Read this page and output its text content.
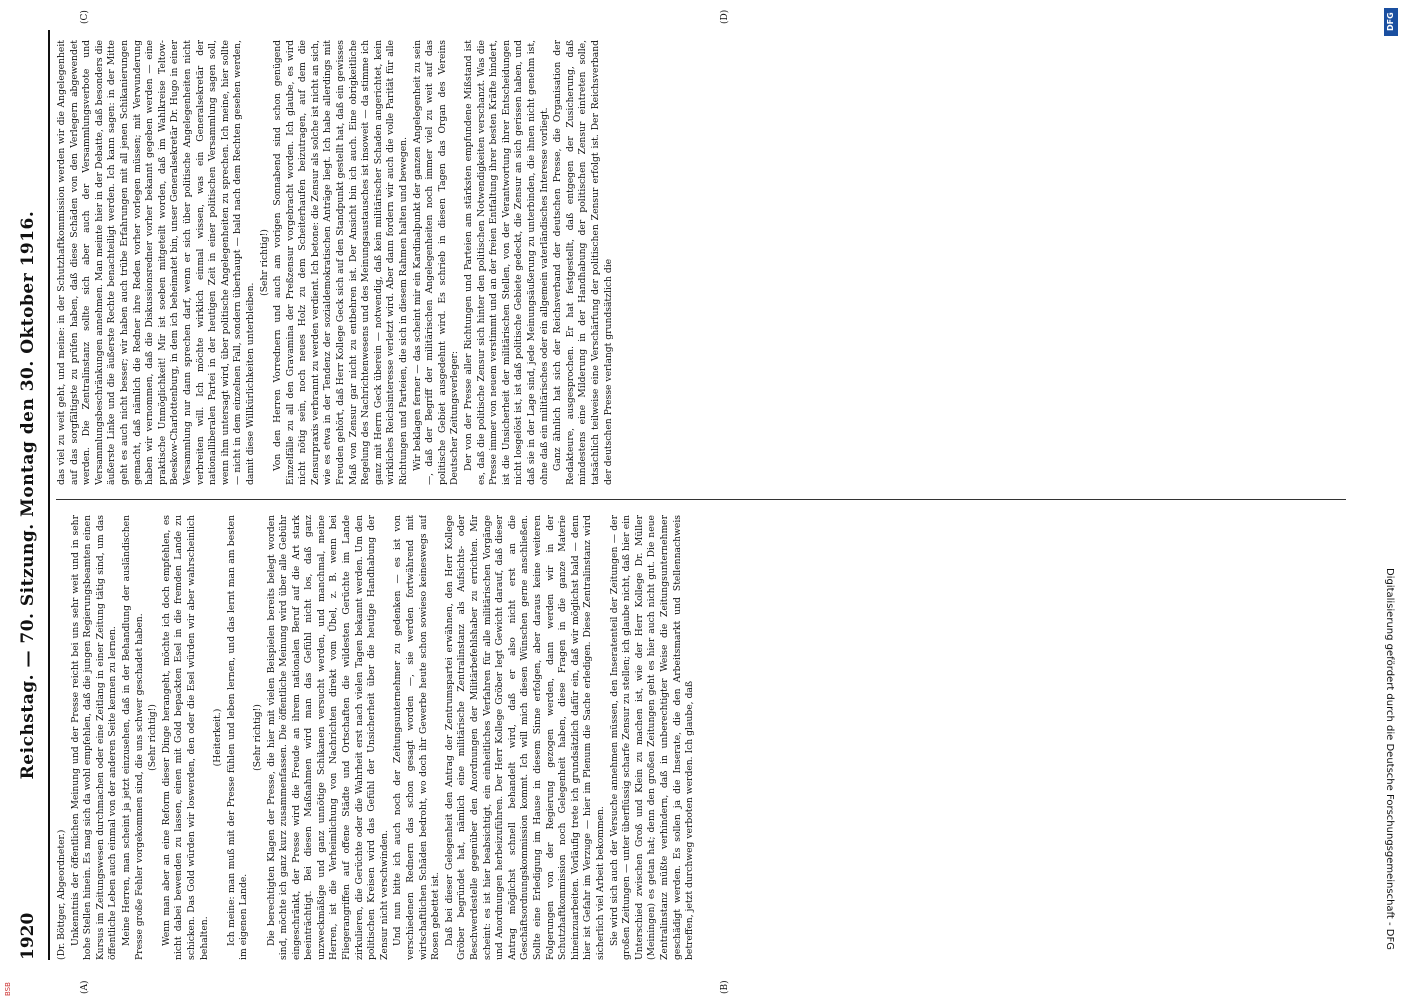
1920
Reichstag. — 70. Sitzung. Montag den 30. Oktober 1916.
(A)	(B)
(C)	(D)

(Dr. Böttger, Abgeordneter.) Unkenntnis der öffentlichen Meinung und der Presse reicht bei uns sehr weit und in sehr hohe Stellen hinein. Es mag sich da wohl empfehlen, daß die jungen Regierungsbeamten einen Kursus im Zeitungswesen durchmachen oder eine Zeitlang in einer Zeitung tätig sind, um das öffentliche Leben auch einmal von der anderen Seite kennen zu lernen. Meine Herren, man scheint ja jetzt einzusehen, daß in der Behandlung der ausländischen Presse große Fehler vorgekommen sind, die uns schwer geschadet haben. (Sehr richtig!) Wenn man aber an eine Reform dieser Dinge herangeht, möchte ich doch empfehlen, es nicht dabei bewenden zu lassen, einen mit Gold bepackten Esel in die fremden Lande zu schicken. Das Gold würden wir loswerden, den oder die Esel würden wir aber wahrscheinlich behalten.

(Heiterkeit.) Ich meine: man muß mit der Presse fühlen und leben lernen, und das lernt man am besten im eigenen Lande.

(Sehr richtig!) Die berechtigten Klagen der Presse, die hier mit vielen Beispielen bereits belegt worden sind, möchte ich ganz kurz zusammenfassen. Die öffentliche Meinung wird über alle Gebühr eingeschränkt, der Presse wird die Freude an ihrem nationalen Beruf auf die Art stark beeinträchtigt. Bei diesen Maßnahmen wird man das Gefühl nicht los, daß ganz unzweckmäßige und ganz unnötige Schikanen versucht werden, und manchmal, meine Herren, ist die Verheimlichung von Nachrichten direkt vom Übel, z. B. wenn bei Fliegerangriffen auf offene Städte und Ortschaften die wildesten Gerüchte im Lande zirkulieren, die Gerüchte oder die Wahrheit erst nach vielen Tagen bekannt werden. Um den politischen Kreisen wird das Gefühl der Unsicherheit über die heutige Handhabung der Zensur nicht verschwinden. Und nun bitte ich auch noch der Zeitungsunternehmer zu gedenken — es ist von verschiedenen Rednern das schon gesagt worden —, sie werden fortwährend mit wirtschaftlichen Schäden bedroht, wo doch ihr Gewerbe heute schon sowieso keineswegs auf Rosen gebettet ist. Daß bei dieser Gelegenheit den Antrag der Zentrumspartei erwähnen, den Herr Kollege Gröber begründet hat, nämlich eine militärische Zentralinstanz als Aufsichts- oder Beschwerdestelle gegenüber den Anordnungen der Militärbefehlshaber zu errichten. Mir scheint: es ist hier beabsichtigt, ein einheitliches Verfahren für alle militärischen Vorgänge und Anordnungen herbeizuführen. Der Herr Kollege Gröber legt Gewicht darauf, daß dieser Antrag möglichst schnell behandelt wird, daß er also nicht erst an die Geschäftsordnungskommission kommt. Ich will mich diesen Wünschen gerne anschließen. Sollte eine Erledigung im Hause in diesem Sinne erfolgen, aber daraus keine weiteren Folgerungen von der Regierung gezogen werden, dann werden wir in der Schutzhaftkommission noch Gelegenheit haben, diese Fragen in die ganze Materie hineinzuarbeiten. Vorläufig trete ich grundsätzlich dafür ein, daß wir möglichst bald — denn hier ist Gefahr im Verzuge — hier im Plenum die Sache erledigen. Diese Zentralinstanz wird sicherlich viel Arbeit bekommen. Sie wird sich auch der Versuche annehmen müssen, den Inseratenteil der Zeitungen — der großen Zeitungen — unter überflüssig scharfe Zensur zu stellen; ich glaube nicht, daß hier ein Unterschied zwischen Groß und Klein zu machen ist, wie der Herr Kollege Dr. Müller (Meiningen) es getan hat; denn den großen Zeitungen geht es hier auch nicht gut. Die neue Zentralinstanz müßte verhindern, daß in unberechtigter Weise die Zeitungsunternehmer geschädigt werden. Es sollen ja die Inserate, die den Arbeitsmarkt und Stellennachweis betreffen, jetzt durchweg verboten werden. Ich glaube, daß

das viel zu weit geht, und meine: in der Schutzhaftkommission werden wir die Angelegenheit auf das sorgfältigste zu prüfen haben, daß diese Schäden von den Verlegern abgewendet werden. Die Zentralinstanz sollte sich aber auch der Versammlungsverbote und Versammlungsbeschränkungen annehmen. Man meinte hier in der Debatte, daß besonders die äußerste Linke und die äußerste Rechte benachteiligt werden. Ich kann sagen: in der Mitte geht es auch nicht besser; wir haben auch trübe Erfahrungen mit all jenen Schikanierungen gemacht, daß nämlich die Redner ihre Reden vorher vorlegen müssen; mit Verwunderung haben wir vernommen, daß die Diskussionsredner vorher bekannt gegeben werden — eine praktische Unmöglichkeit! Mir ist soeben mitgeteilt worden, daß im Wahlkreise Teltow-Beeskow-Charlottenburg, in dem ich beheimatet bin, unser Generalsekretär Dr. Hugo in einer Versammlung nur dann sprechen darf, wenn er sich über politische Angelegenheiten nicht verbreiten will. Ich möchte wirklich einmal wissen, was ein Generalsekretär der nationalliberalen Partei in der heutigen Zeit in einer politischen Versammlung sagen soll, wenn ihm untersagt wird, über politische Angelegenheiten zu sprechen. Ich meine, hier sollte — nicht in dem einzelnen Fall, sondern überhaupt — bald nach dem Rechten gesehen werden, damit diese Willkürlichkeiten unterbleiben.

(Sehr richtig!) Von den Herren Vorrednern und auch am vorigen Sonnabend sind schon genügend Einzelfälle zu all den Gravamina der Preßzensur vorgebracht worden. Ich glaube, es wird nicht nötig sein, noch neues Holz zu dem Scheiterhaufen beizutragen, auf dem die Zensurpraxis verbrannt zu werden verdient. Ich betone: die Zensur als solche ist nicht an sich, wie es etwa in der Tendenz der sozialdemokratischen Anträge liegt. Ich habe allerdings mit Freuden gehört, daß Herr Kollege Geck sich auf den Standpunkt gestellt hat, daß ein gewisses Maß von Zensur gar nicht zu entbehren ist. Der Ansicht bin ich auch. Eine obrigkeitliche Regelung des Nachrichtenwesens und des Meinungsaustausches ist insoweit — da stimme ich ganz mit Herrn Geck überein — notwendig, daß kein militärischer Schaden angerichtet, kein wirkliches Reichsinteresse verletzt wird. Aber dann fordern wir auch die volle Parität für alle Richtungen und Parteien, die sich in diesem Rahmen halten und bewegen. Wir beklagen ferner — das scheint mir ein Kardinalpunkt der ganzen Angelegenheit zu sein —, daß der Begriff der militärischen Angelegenheiten noch immer viel zu weit auf das politische Gebiet ausgedehnt wird. Es schrieb in diesen Tagen das Organ des Vereins Deutscher Zeitungsverleger: Der von der Presse aller Richtungen und Parteien am stärksten empfundene Mißstand ist es, daß die politische Zensur sich hinter den politischen Notwendigkeiten verschanzt. Was die Presse immer von neuem verstimmt und an der freien Entfaltung ihrer besten Kräfte hindert, ist die Unsicherheit der militärischen Stellen, von der Verantwortung ihrer Entscheidungen nicht losgelöst ist, ist daß politische Gebiete gedeckt, die Zensur an sich gerissen haben, und daß sie in der Lage sind, jede Meinungsäußerung zu unterbinden, die ihnen nicht genehm ist, ohne daß ein militärisches oder ein allgemein vaterländisches Interesse vorliegt. Ganz ähnlich hat sich der Reichsverband der deutschen Presse, die Organisation der Redakteure, ausgesprochen. Er hat festgestellt, daß entgegen der Zusicherung, daß mindestens eine Milderung in der Handhabung der politischen Zensur eintreten solle, tatsächlich teilweise eine Verschärfung der politischen Zensur erfolgt ist. Der Reichsverband der deutschen Presse verlangt grundsätzlich die

Digitalisierung gefördert durch die Deutsche Forschungsgemeinschaft - DFG
DFG
BSB
